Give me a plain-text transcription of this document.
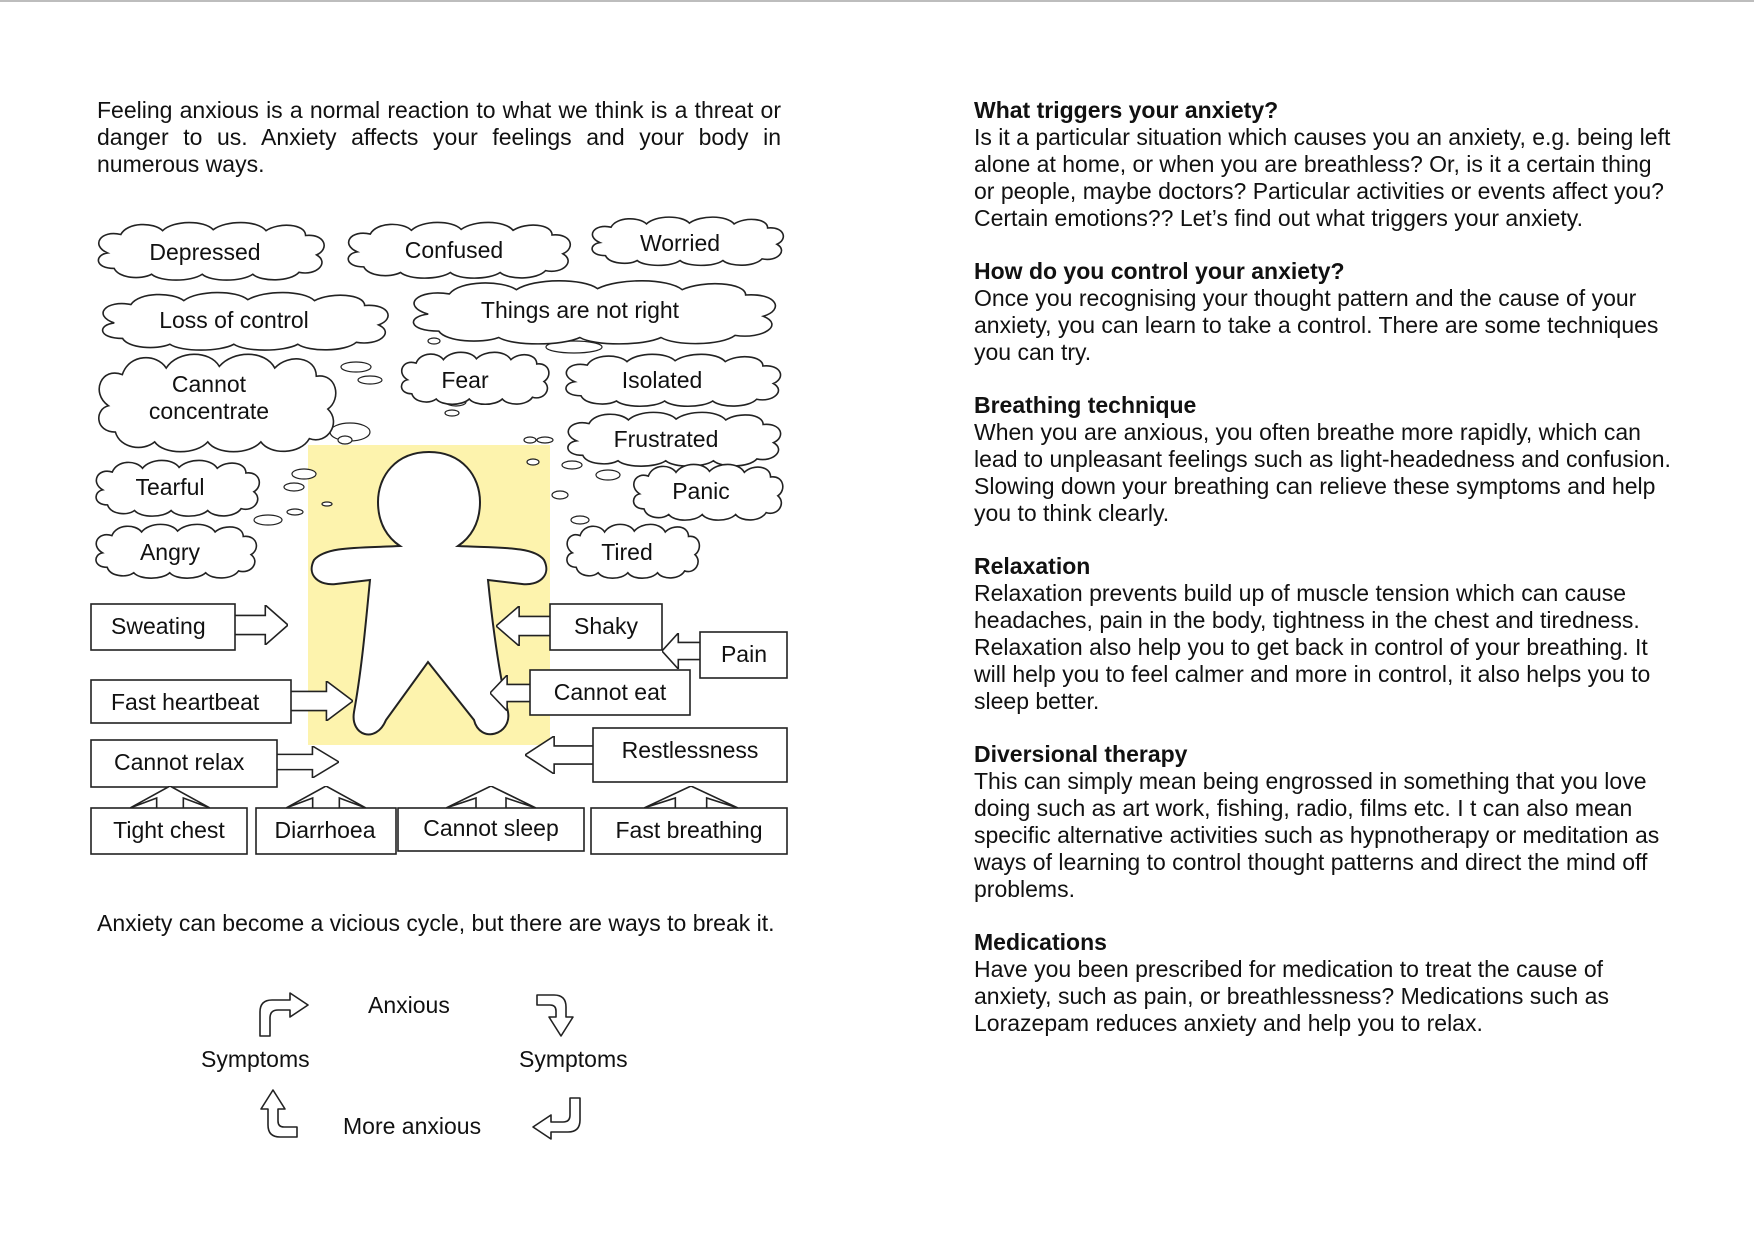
Feeling anxious is a normal reaction to what we think is a threat or danger to us. Anxiety affects your feelings and your body in numerous ways.

Depressed	Confused	Worried
Loss of control	Things are not right
Cannot
concentrate
Fear	Isolated
Frustrated
Tearful	Panic
Angry	Tired
Sweating	Shaky
Pain
Fast heartbeat	Cannot eat
Cannot relax	Restlessness
Tight chest Diarrhoea Cannot sleep Fast breathing

Anxiety can become a vicious cycle, but there are ways to break it.

Anxious
Symptoms
More anxious
Symptoms
What triggers your anxiety?

Is it a particular situation which causes you an anxiety, e.g. being left alone at home, or when you are breathless? Or, is it a certain thing or people, maybe doctors? Particular activities or events affect you? Certain emotions?? Let’s find out what triggers your anxiety.

How do you control your anxiety?

Once you recognising your thought pattern and the cause of your anxiety, you can learn to take a control. There are some techniques you can try.

Breathing technique

When you are anxious, you often breathe more rapidly, which can lead to unpleasant feelings such as light-headedness and confusion. Slowing down your breathing can relieve these symptoms and help you to think clearly.

Relaxation

Relaxation prevents build up of muscle tension which can cause headaches, pain in the body, tightness in the chest and tiredness. Relaxation also help you to get back in control of your breathing. It will help you to feel calmer and more in control, it also helps you to sleep better.

Diversional therapy

This can simply mean being engrossed in something that you love doing such as art work, fishing, radio, films etc. I t can also mean specific alternative activities such as hypnotherapy or meditation as ways of learning to control thought patterns and direct the mind off problems.

Medications

Have you been prescribed for medication to treat the cause of anxiety, such as pain, or breathlessness? Medications such as Lorazepam reduces anxiety and help you to relax.
